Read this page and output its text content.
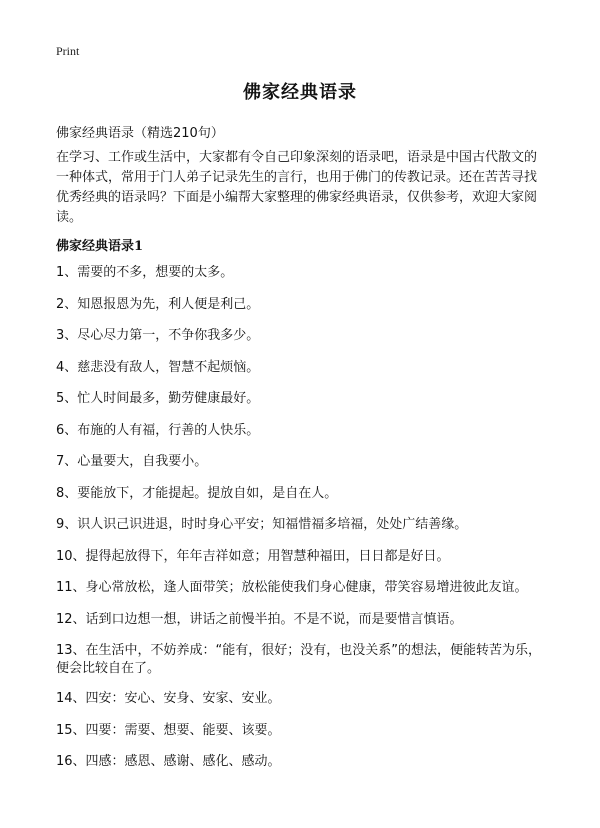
Print
佛家经典语录
佛家经典语录（精选210句）

在学习、工作或生活中，大家都有令自己印象深刻的语录吧，语录是中国古代散文的一种体式，常用于门人弟子记录先生的言行，也用于佛门的传教记录。还在苦苦寻找优秀经典的语录吗？下面是小编帮大家整理的佛家经典语录，仅供参考，欢迎大家阅读。

佛家经典语录1
1、需要的不多，想要的太多。
2、知恩报恩为先，利人便是利己。
3、尽心尽力第一，不争你我多少。
4、慈悲没有敌人，智慧不起烦恼。
5、忙人时间最多，勤劳健康最好。
6、布施的人有福，行善的人快乐。
7、心量要大，自我要小。
8、要能放下，才能提起。提放自如，是自在人。
9、识人识己识进退，时时身心平安；知福惜福多培福，处处广结善缘。
10、提得起放得下，年年吉祥如意；用智慧种福田，日日都是好日。
11、身心常放松，逢人面带笑；放松能使我们身心健康，带笑容易增进彼此友谊。
12、话到口边想一想，讲话之前慢半拍。不是不说，而是要惜言慎语。
13、在生活中，不妨养成：“能有，很好；没有，也没关系”的想法，便能转苦为乐，便会比较自在了。
14、四安：安心、安身、安家、安业。
15、四要：需要、想要、能要、该要。
16、四感：感恩、感谢、感化、感动。
